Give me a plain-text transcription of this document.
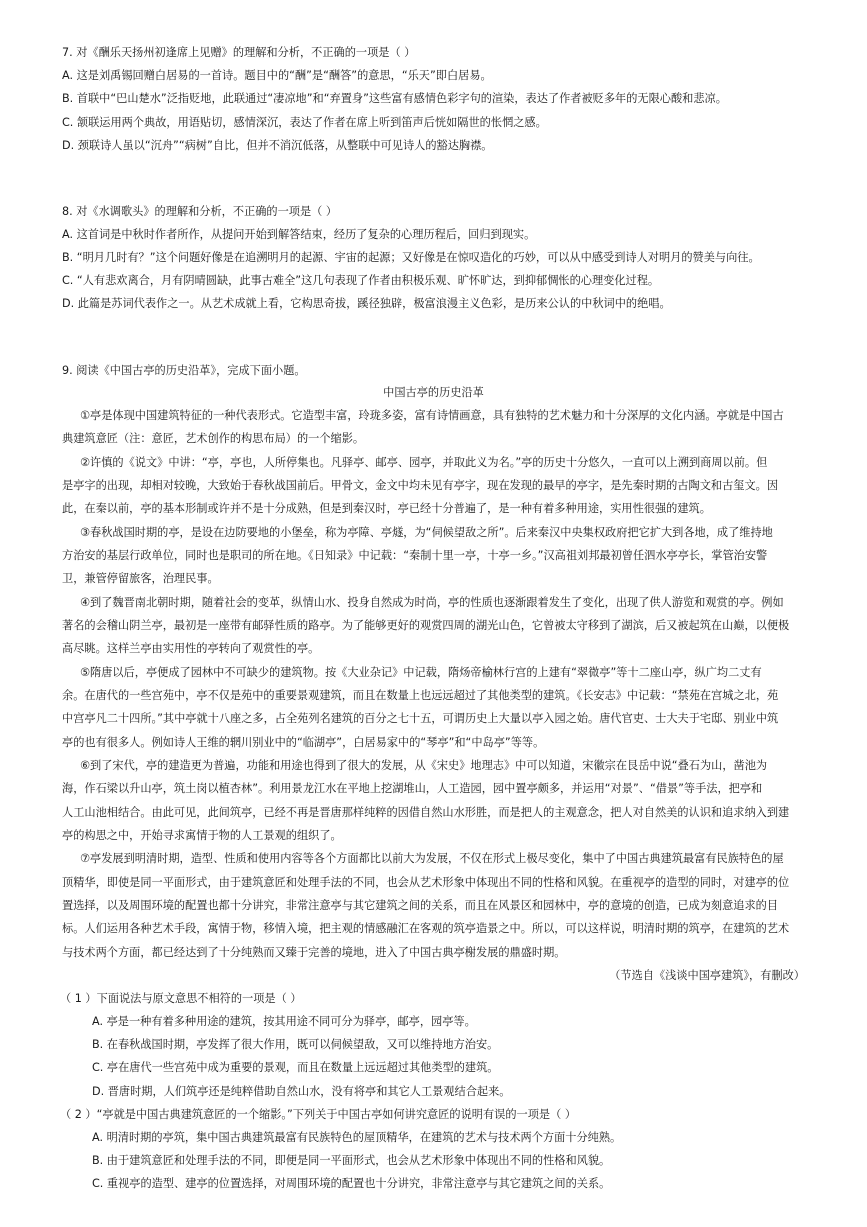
7. 对《酬乐天扬州初逢席上见赠》的理解和分析，不正确的一项是（ ）
A. 这是刘禹锡回赠白居易的一首诗。题目中的“酬”是“酬答”的意思，“乐天”即白居易。
B. 首联中“巴山楚水”泛指贬地，此联通过“凄凉地”和“弃置身”这些富有感情色彩字句的渲染，表达了作者被贬多年的无限心酸和悲凉。
C. 颔联运用两个典故，用语贴切，感情深沉，表达了作者在席上听到笛声后恍如隔世的怅惘之感。
D. 颈联诗人虽以“沉舟”“病树”自比，但并不消沉低落，从整联中可见诗人的豁达胸襟。
8. 对《水调歌头》的理解和分析，不正确的一项是（ ）
A. 这首词是中秋时作者所作，从提问开始到解答结束，经历了复杂的心理历程后，回归到现实。
B. “明月几时有？”这个问题好像是在追溯明月的起源、宇宙的起源；又好像是在惊叹造化的巧妙，可以从中感受到诗人对明月的赞美与向往。
C. “人有悲欢离合，月有阴晴圆缺，此事古难全”这几句表现了作者由积极乐观、旷怀旷达，到抑郁惆怅的心理变化过程。
D. 此篇是苏词代表作之一。从艺术成就上看，它构思奇拔，蹊径独辟，极富浪漫主义色彩，是历来公认的中秋词中的绝唱。
9. 阅读《中国古亭的历史沿革》，完成下面小题。
中国古亭的历史沿革
①亭是体现中国建筑特征的一种代表形式。它造型丰富，玲珑多姿，富有诗情画意，具有独特的艺术魅力和十分深厚的文化内涵。亭就是中国古
典建筑意匠（注：意匠，艺术创作的构思布局）的一个缩影。
②许慎的《说文》中讲：“亭，亭也，人所停集也。凡驿亭、邮亭、园亭，并取此义为名。”亭的历史十分悠久，一直可以上溯到商周以前。但
是亭字的出现，却相对较晚，大致始于春秋战国前后。甲骨文，金文中均未见有亭字，现在发现的最早的亭字，是先秦时期的古陶文和古玺文。因
此，在秦以前，亭的基本形制或许并不是十分成熟，但是到秦汉时，亭已经十分普遍了，是一种有着多种用途，实用性很强的建筑。
③春秋战国时期的亭，是设在边防要地的小堡垒，称为亭障、亭燧，为“伺候望敌之所”。后来秦汉中央集权政府把它扩大到各地，成了维持地
方治安的基层行政单位，同时也是职司的所在地。《日知录》中记载：“秦制十里一亭，十亭一乡。”汉高祖刘邦最初曾任泗水亭亭长，掌管治安警
卫，兼管停留旅客，治理民事。
④到了魏晋南北朝时期，随着社会的变革，纵情山水、投身自然成为时尚，亭的性质也逐渐跟着发生了变化，出现了供人游览和观赏的亭。例如
著名的会稽山阴兰亭，最初是一座带有邮驿性质的路亭。为了能够更好的观赏四周的湖光山色，它曾被太守移到了湖滨，后又被起筑在山巅，以便极
高尽眺。这样兰亭由实用性的亭转向了观赏性的亭。
⑤隋唐以后，亭便成了园林中不可缺少的建筑物。按《大业杂记》中记载，隋炀帝榆林行宫的上建有“翠微亭”等十二座山亭，纵广均二丈有
余。在唐代的一些宫苑中，亭不仅是苑中的重要景观建筑，而且在数量上也远远超过了其他类型的建筑。《长安志》中记载：“禁苑在宫城之北，苑
中宫亭凡二十四所。”其中亭就十八座之多，占全苑列名建筑的百分之七十五，可谓历史上大量以亭入园之始。唐代官吏、士大夫于宅邸、别业中筑
亭的也有很多人。例如诗人王维的辋川别业中的“临湖亭”，白居易家中的“琴亭”和“中岛亭”等等。
⑥到了宋代，亭的建造更为普遍，功能和用途也得到了很大的发展，从《宋史》地理志》中可以知道，宋徽宗在艮岳中说“叠石为山，凿池为
海，作石梁以升山亭，筑土岗以植杏林”。利用景龙江水在平地上挖湖堆山，人工造园，园中置亭颇多，并运用“对景”、“借景”等手法，把亭和
人工山池相结合。由此可见，此间筑亭，已经不再是晋唐那样纯粹的因借自然山水形胜，而是把人的主观意念，把人对自然美的认识和追求纳入到建
亭的构思之中，开始寻求寓情于物的人工景观的组织了。
⑦亭发展到明清时期，造型、性质和使用内容等各个方面都比以前大为发展，不仅在形式上极尽变化，集中了中国古典建筑最富有民族特色的屋
顶精华，即使是同一平面形式，由于建筑意匠和处理手法的不同，也会从艺术形象中体现出不同的性格和风貌。在重视亭的造型的同时，对建亭的位
置选择，以及周围环境的配置也都十分讲究，非常注意亭与其它建筑之间的关系，而且在风景区和园林中，亭的意境的创造，已成为刻意追求的目
标。人们运用各种艺术手段，寓情于物，移情入境，把主观的情感融汇在客观的筑亭造景之中。所以，可以这样说，明清时期的筑亭，在建筑的艺术
与技术两个方面，都已经达到了十分纯熟而又臻于完善的境地，进入了中国古典亭榭发展的鼎盛时期。
（节选自《浅谈中国亭建筑》，有删改）
（ 1 ）下面说法与原文意思不相符的一项是（ ）
A. 亭是一种有着多种用途的建筑，按其用途不同可分为驿亭，邮亭，园亭等。
B. 在春秋战国时期，亭发挥了很大作用，既可以伺候望敌，又可以维持地方治安。
C. 亭在唐代一些宫苑中成为重要的景观，而且在数量上远远超过其他类型的建筑。
D. 晋唐时期，人们筑亭还是纯粹借助自然山水，没有将亭和其它人工景观结合起来。
（ 2 ）“亭就是中国古典建筑意匠的一个缩影。”下列关于中国古亭如何讲究意匠的说明有误的一项是（ ）
A. 明清时期的亭筑，集中国古典建筑最富有民族特色的屋顶精华，在建筑的艺术与技术两个方面十分纯熟。
B. 由于建筑意匠和处理手法的不同，即便是同一平面形式，也会从艺术形象中体现出不同的性格和风貌。
C. 重视亭的造型、建亭的位置选择，对周围环境的配置也十分讲究，非常注意亭与其它建筑之间的关系。
